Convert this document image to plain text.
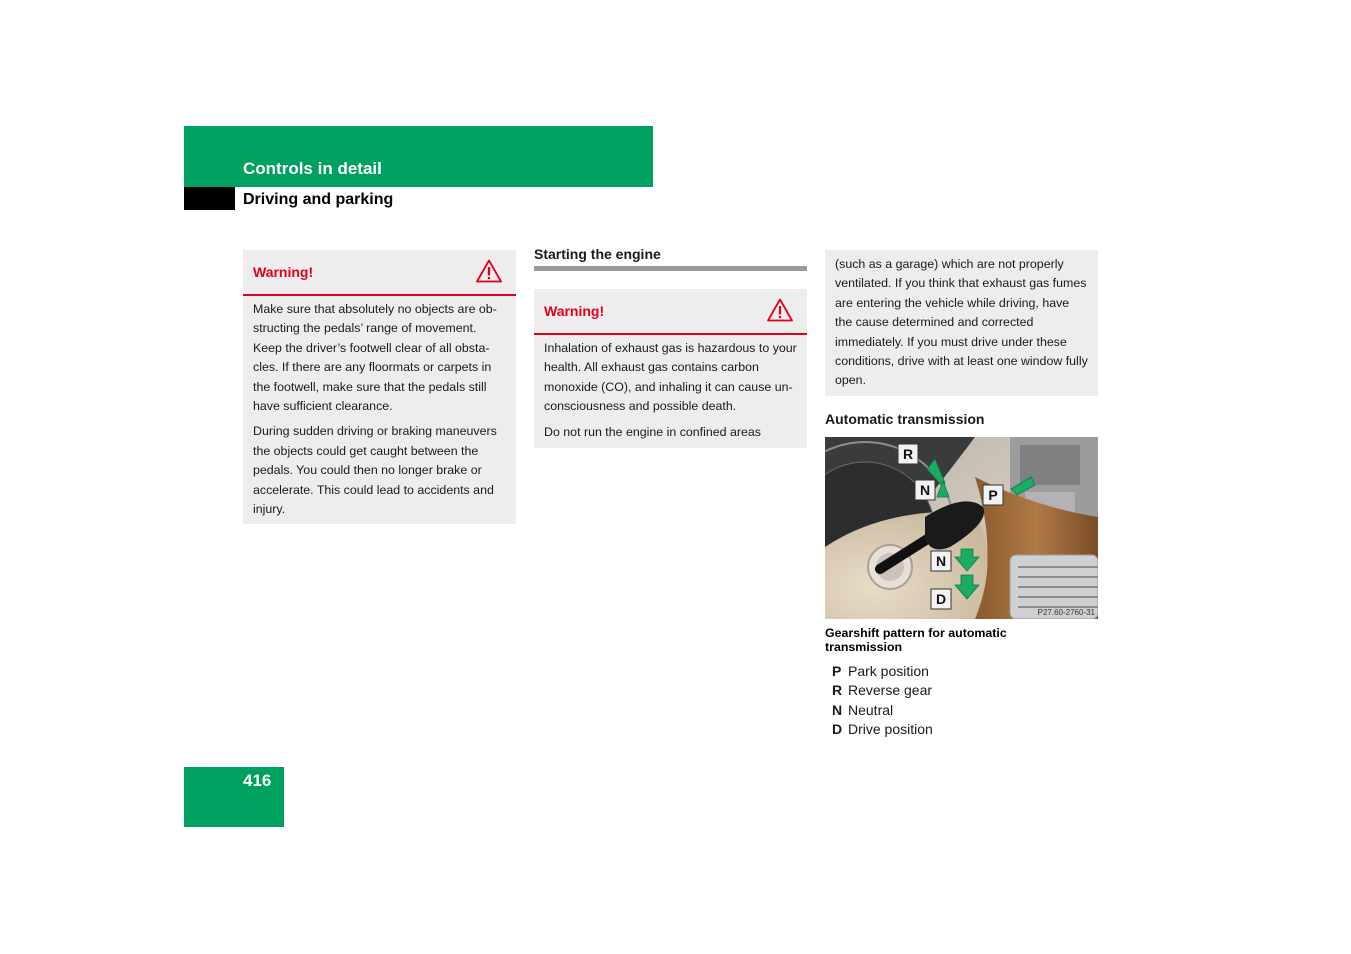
Controls in detail
Driving and parking
Warning!

Make sure that absolutely no objects are ob-structing the pedals’ range of movement. Keep the driver’s footwell clear of all obsta-cles. If there are any floormats or carpets in the footwell, make sure that the pedals still have sufficient clearance.

During sudden driving or braking maneuvers the objects could get caught between the pedals. You could then no longer brake or accelerate. This could lead to accidents and injury.

Starting the engine
Warning!

Inhalation of exhaust gas is hazardous to your health. All exhaust gas contains carbon monoxide (CO), and inhaling it can cause un-consciousness and possible death.

Do not run the engine in confined areas

(such as a garage) which are not properly ventilated. If you think that exhaust gas fumes are entering the vehicle while driving, have the cause determined and corrected immediately. If you must drive under these conditions, drive with at least one window fully open.

Automatic transmission
R
N	P
N
D
P27.60-2760-31
Gearshift pattern for automatic transmission
P Park position
R Reverse gear
N Neutral
D Drive position
416
